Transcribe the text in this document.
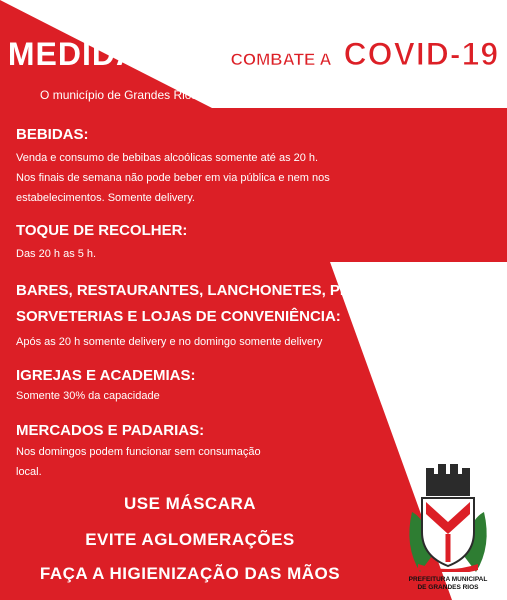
FIQUE ATENTO AS
MEDIDAS DE COMBATE A COVID-19
O município de Grandes Rios seguirá as medidas conforme o Decreto Estadual.
BEBIDAS:
Venda e consumo de bebibas alcoólicas somente até as 20 h.
Nos finais de semana não pode beber em via pública e nem nos
estabelecimentos. Somente delivery.
TOQUE DE RECOLHER:
Das 20 h as 5 h.
BARES, RESTAURANTES, LANCHONETES, PIZZARIAS,
SORVETERIAS E LOJAS DE CONVENIÊNCIA:
Após as 20 h somente delivery e no domingo somente delivery
IGREJAS E ACADEMIAS:
Somente 30% da capacidade
MERCADOS E PADARIAS:
Nos domingos podem funcionar sem consumação
local.
USE MÁSCARA
EVITE AGLOMERAÇÕES
FAÇA A HIGIENIZAÇÃO DAS MÃOS	PREFEITURA MUNICIPAL
DE GRANDES RIOS
